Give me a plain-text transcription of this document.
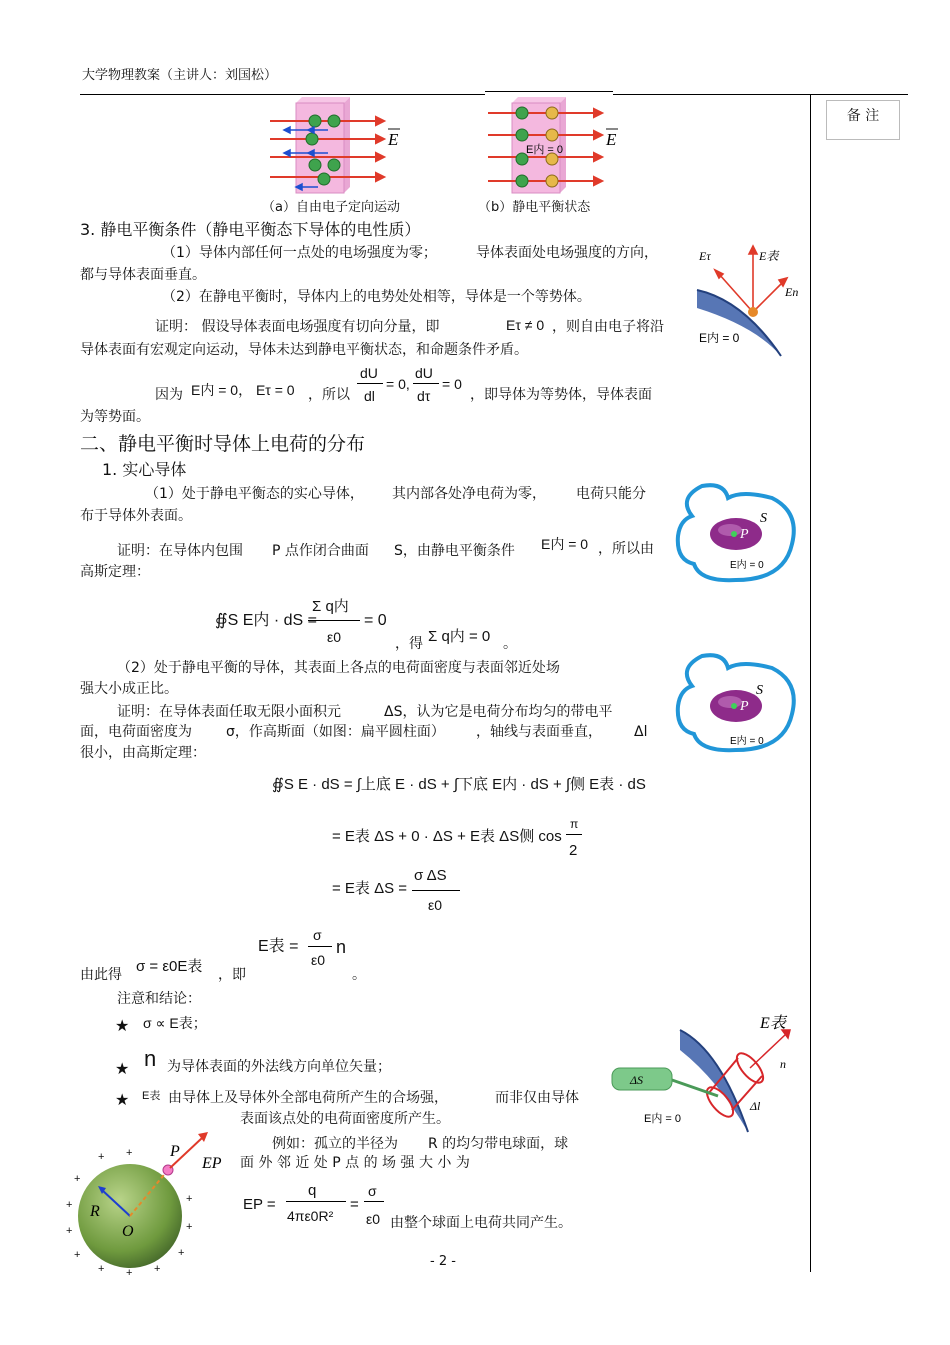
大学物理教案（主讲人：刘国松）
备 注
E
（a）自由电子定向运动
E
E内 = 0
（b）静电平衡状态
3. 静电平衡条件（静电平衡态下导体的电性质）
（1）导体内部任何一点处的电场强度为零；	导体表面处电场强度的方向，
都与导体表面垂直。
（2）在静电平衡时，导体内上的电势处处相等，导体是一个等势体。
证明： 假设导体表面电场强度有切向分量，即	Eτ ≠ 0 ，则自由电子将沿
导体表面有宏观定向运动，导体未达到静电平衡状态，和命题条件矛盾。
因为 E内 = 0， Eτ = 0 ，所以
dU
dl
= 0,
dU
dτ
= 0
，即导体为等势体，导体表面
为等势面。
Eτ	E表
En
E内 = 0
二、静电平衡时导体上电荷的分布
1. 实心导体
（1）处于静电平衡态的实心导体， 其内部各处净电荷为零， 电荷只能分
布于导体外表面。
证明：在导体内包围 P 点作闭合曲面 S，由静电平衡条件 E内 = 0 ，所以由
高斯定理：
∯S E内 · dS =
Σ q内
ε0
= 0
，得 Σ q内 = 0 。
P
S
E内 = 0
（2）处于静电平衡的导体，其表面上各点的电荷面密度与表面邻近处场
强大小成正比。
证明：在导体表面任取无限小面积元	ΔS，认为它是电荷分布均匀的带电平
面，电荷面密度为 σ，作高斯面（如图：扁平圆柱面） ，轴线与表面垂直， Δl
很小，由高斯定理：
P
S
E内 = 0
∯S E · dS = ∫上底 E · dS + ∫下底 E内 · dS + ∫侧 E表 · dS
= E表 ΔS + 0 · ΔS + E表 ΔS侧 cos
π
2
= E表 ΔS =
σ ΔS
ε0
由此得 σ = ε0E表 ，即
E表 =
σ
ε0
n
。
注意和结论：
★ σ ∝ E表；
★ n 为导体表面的外法线方向单位矢量；
★ E表 由导体上及导体外全部电荷所产生的合场强，	而非仅由导体
表面该点处的电荷面密度所产生。
ΔS
E表
n
Δl
E内 = 0
例如：孤立的半径为 R 的均匀带电球面，球
面 外 邻 近 处 P 点 的 场 强 大 小 为
EP =
q
4πε0R²
=
σ
ε0 由整个球面上电荷共同产生。
P
EP
R
O
+
+
+
+
+ + +
+
+
+
+ +
- 2 -
